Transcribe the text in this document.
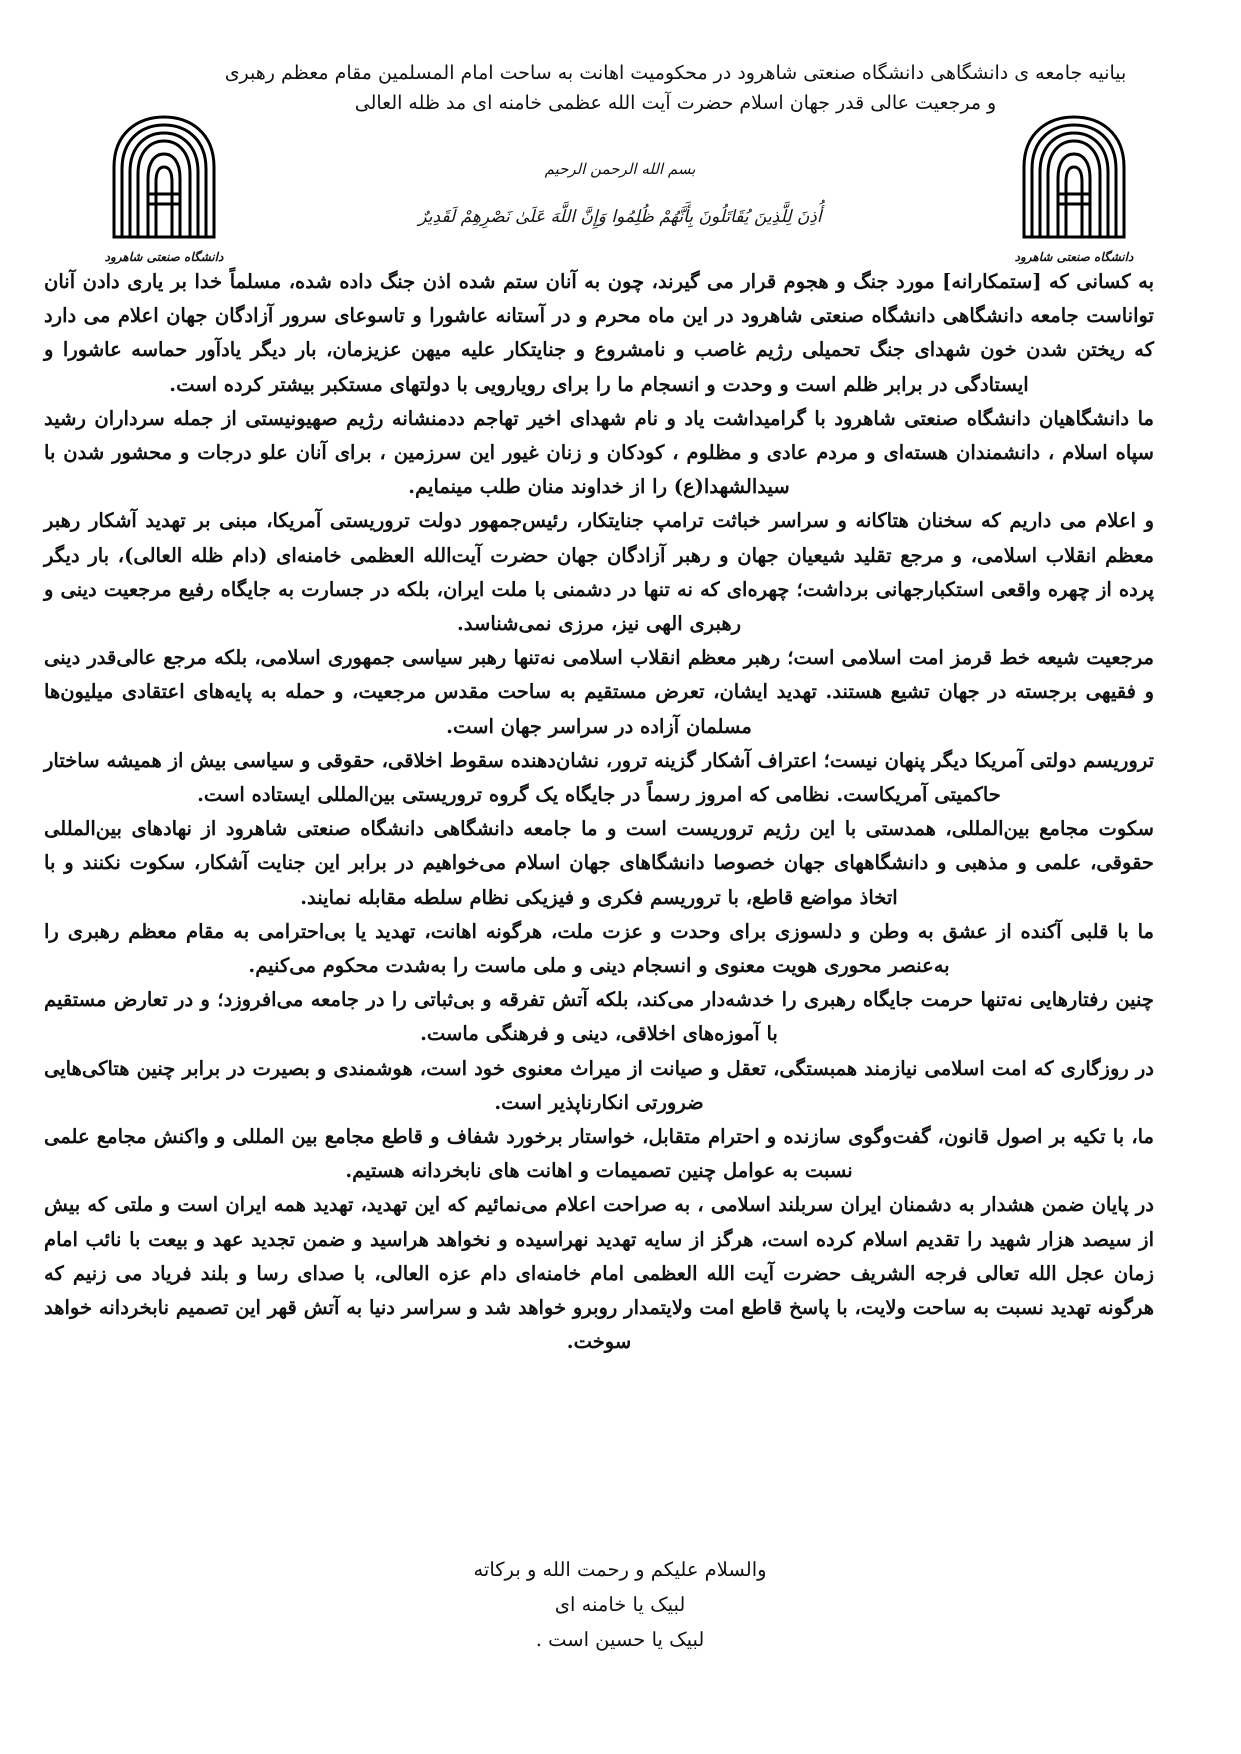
بیانیه جامعه ی دانشگاهی دانشگاه صنعتی شاهرود در محکومیت اهانت به ساحت امام المسلمین مقام معظم رهبری
و مرجعیت عالی قدر جهان اسلام حضرت آیت الله عظمی خامنه ای مد ظله العالی
دانشگاه صنعتی شاهرود
دانشگاه صنعتی شاهرود
بسم الله الرحمن الرحیم
أُذِنَ لِلَّذِینَ یُقَاتَلُونَ بِأَنَّهُمْ ظُلِمُوا وَإِنَّ اللَّهَ عَلَىٰ نَصْرِهِمْ لَقَدِیرٌ

به کسانی که [ستمکارانه] مورد جنگ و هجوم قرار می گیرند، چون به آنان ستم شده اذن جنگ داده شده، مسلماً خدا بر یاری دادن آنان تواناست جامعه دانشگاهی دانشگاه صنعتی شاهرود در این ماه محرم و در آستانه عاشورا و تاسوعای سرور آزادگان جهان اعلام می دارد که ریختن شدن خون شهدای جنگ تحمیلی رژیم غاصب و نامشروع و جنایتکار علیه میهن عزیزمان، بار دیگر یادآور حماسه عاشورا و ایستادگی در برابر ظلم است و وحدت و انسجام ما را برای رویارویی با دولتهای مستکبر بیشتر کرده است.

ما دانشگاهیان دانشگاه صنعتی شاهرود با گرامیداشت یاد و نام شهدای اخیر تهاجم ددمنشانه رژیم صهیونیستی از جمله سرداران رشید سپاه اسلام ، دانشمندان هسته‌ای و مردم عادی و مظلوم ، کودکان و زنان غیور این سرزمین ، برای آنان علو درجات و محشور شدن با سیدالشهدا(ع) را از خداوند منان طلب مینمایم.

و اعلام می داریم که سخنان هتاکانه و سراسر خباثت ترامپ جنایتکار، رئیس‌جمهور دولت تروریستی آمریکا، مبنی بر تهدید آشکار رهبر معظم انقلاب اسلامی، و مرجع تقلید شیعیان جهان و رهبر آزادگان جهان حضرت آیت‌الله العظمی خامنه‌ای (دام ظله العالی)، بار دیگر پرده از چهره واقعی استکبارجهانی برداشت؛ چهره‌ای که نه تنها در دشمنی با ملت ایران، بلکه در جسارت به جایگاه رفیع مرجعیت دینی و رهبری الهی نیز، مرزی نمی‌شناسد.

مرجعیت شیعه خط قرمز امت اسلامی است؛ رهبر معظم انقلاب اسلامی نه‌تنها رهبر سیاسی جمهوری اسلامی، بلکه مرجع عالی‌قدر دینی و فقیهی برجسته در جهان تشیع هستند. تهدید ایشان، تعرض مستقیم به ساحت مقدس مرجعیت، و حمله به پایه‌های اعتقادی میلیون‌ها مسلمان آزاده در سراسر جهان است.

تروریسم دولتی آمریکا دیگر پنهان نیست؛ اعتراف آشکار گزینه ترور، نشان‌دهنده سقوط اخلاقی، حقوقی و سیاسی بیش از همیشه ساختار حاکمیتی آمریکاست. نظامی که امروز رسماً در جایگاه یک گروه تروریستی بین‌المللی ایستاده است.

سکوت مجامع بین‌المللی، همدستی با این رژیم تروریست است و ما جامعه دانشگاهی دانشگاه صنعتی شاهرود از نهادهای بین‌المللی حقوقی، علمی و مذهبی و دانشگاههای جهان خصوصا دانشگاهای جهان اسلام می‌خواهیم در برابر این جنایت آشکار، سکوت نکنند و با اتخاذ مواضع قاطع، با تروریسم فکری و فیزیکی نظام سلطه مقابله نمایند.

ما با قلبی آکنده از عشق به وطن و دلسوزی برای وحدت و عزت ملت، هرگونه اهانت، تهدید یا بی‌احترامی به مقام معظم رهبری را به‌عنصر محوری هویت معنوی و انسجام دینی و ملی ماست را به‌شدت محکوم می‌کنیم.

چنین رفتارهایی نه‌تنها حرمت جایگاه رهبری را خدشه‌دار می‌کند، بلکه آتش تفرقه و بی‌ثباتی را در جامعه می‌افروزد؛ و در تعارض مستقیم با آموزه‌های اخلاقی، دینی و فرهنگی ماست.

در روزگاری که امت اسلامی نیازمند همبستگی، تعقل و صیانت از میراث معنوی خود است، هوشمندی و بصیرت در برابر چنین هتاکی‌هایی ضرورتی انکارناپذیر است.

ما، با تکیه بر اصول قانون، گفت‌وگوی سازنده و احترام متقابل، خواستار برخورد شفاف و قاطع مجامع بین المللی و واکنش مجامع علمی نسبت به عوامل چنین تصمیمات و اهانت های نابخردانه هستیم.

در پایان ضمن هشدار به دشمنان ایران سربلند اسلامی ، به صراحت اعلام می‌نمائیم که این تهدید، تهدید همه ایران است و ملتی که بیش از سیصد هزار شهید را تقدیم اسلام کرده است، هرگز از سایه تهدید نهراسیده و نخواهد هراسید و ضمن تجدید عهد و بیعت با نائب امام زمان عجل الله تعالی فرجه الشریف حضرت آیت الله العظمی امام خامنه‌ای دام عزه العالی، با صدای رسا و بلند فریاد می زنیم که هرگونه تهدید نسبت به ساحت ولایت، با پاسخ قاطع امت ولایتمدار روبرو خواهد شد و سراسر دنیا به آتش قهر این تصمیم نابخردانه خواهد سوخت.

والسلام علیکم و رحمت الله و برکاته
لبیک یا خامنه ای
لبیک یا حسین است .
